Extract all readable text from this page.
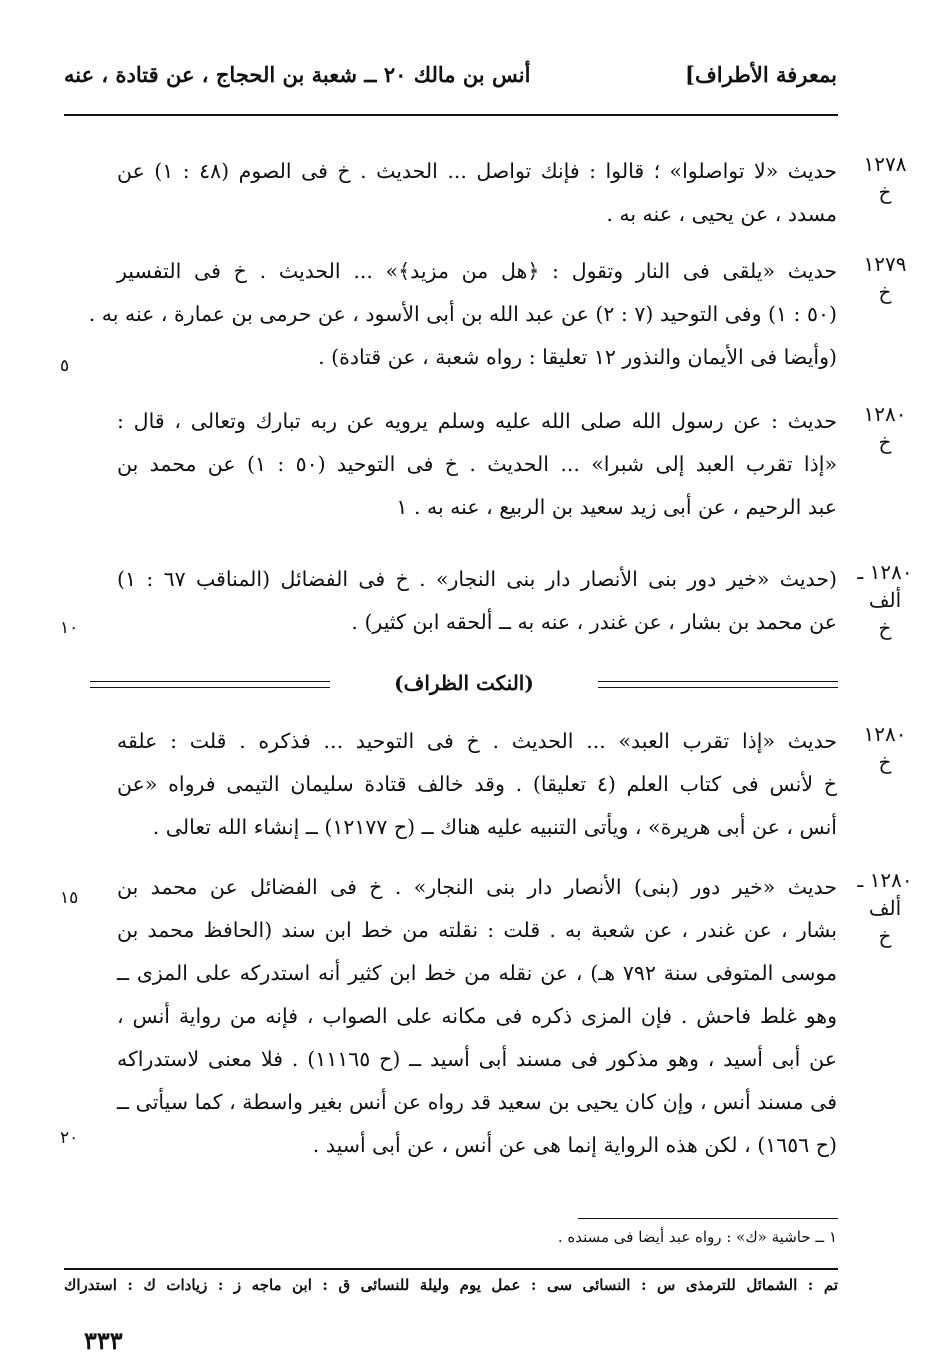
أنس بن مالك ٢٠ ــ شعبة بن الحجاج ، عن قتادة ، عنه	بمعرفة الأطراف]
١٢٧٨
خ
حديث «لا تواصلوا» ؛ قالوا : فإنك تواصل ... الحديث . خ فى الصوم (٤٨ : ١) عن
مسدد ، عن يحيى ، عنه به .
١٢٧٩
خ
حديث «يلقى فى النار وتقول : ﴿هل من مزيد﴾» ... الحديث . خ فى التفسير
(٥٠ : ١) وفى التوحيد (٧ : ٢) عن عبد الله بن أبى الأسود ، عن حرمى بن عمارة ، عنه به .
(وأيضا فى الأيمان والنذور ١٢ تعليقا : رواه شعبة ، عن قتادة) .
١٢٨٠
خ
حديث : عن رسول الله صلى الله عليه وسلم يرويه عن ربه تبارك وتعالى ، قال :
«إذا تقرب العبد إلى شبرا» ... الحديث . خ فى التوحيد (٥٠ : ١) عن محمد بن
عبد الرحيم ، عن أبى زيد سعيد بن الربيع ، عنه به . ١
١٢٨٠ ـ ألف
خ
(حديث «خير دور بنى الأنصار دار بنى النجار» . خ فى الفضائل (المناقب ٦٧ : ١)
عن محمد بن بشار ، عن غندر ، عنه به ــ ألحقه ابن كثير) .
(النكت الظراف)
١٢٨٠
خ
حديث «إذا تقرب العبد» ... الحديث . خ فى التوحيد ... فذكره . قلت : علقه
خ لأنس فى كتاب العلم (٤ تعليقا) . وقد خالف قتادة سليمان التيمى فرواه «عن
أنس ، عن أبى هريرة» ، ويأتى التنبيه عليه هناك ــ (ح ١٢١٧٧) ــ إنشاء الله تعالى .
١٢٨٠ ـ ألف
خ
حديث «خير دور (بنى) الأنصار دار بنى النجار» . خ فى الفضائل عن محمد بن
بشار ، عن غندر ، عن شعبة به . قلت : نقلته من خط ابن سند (الحافظ محمد بن
موسى المتوفى سنة ٧٩٢ هـ) ، عن نقله من خط ابن كثير أنه استدركه على المزى ــ
وهو غلط فاحش . فإن المزى ذكره فى مكانه على الصواب ، فإنه من رواية أنس ،
عن أبى أسيد ، وهو مذكور فى مسند أبى أسيد ــ (ح ١١١٦٥) . فلا معنى لاستدراكه
فى مسند أنس ، وإن كان يحيى بن سعيد قد رواه عن أنس بغير واسطة ، كما سيأتى ــ
(ح ١٦٥٦) ، لكن هذه الرواية إنما هى عن أنس ، عن أبى أسيد .
٥
١٠
١٥
٢٠
١ ــ حاشية «ك» : رواه عبد أيضا فى مسنده .
تم : الشمائل للترمذى س : النسائى سى : عمل يوم وليلة للنسائى ق : ابن ماجه ز : زيادات ك : استدراك
٣٣٣
